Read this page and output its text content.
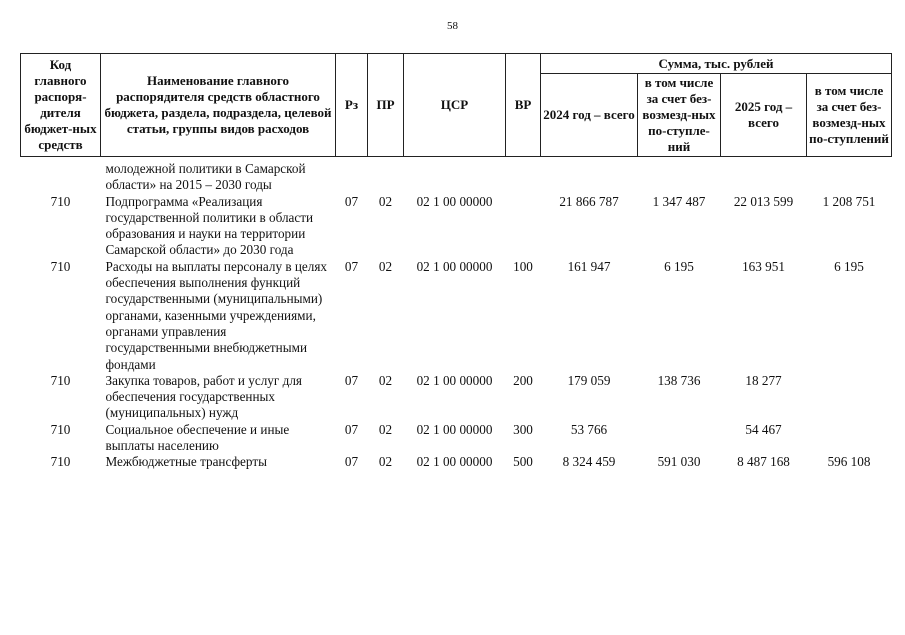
58
Код главного распоря-дителя бюджет-ных средств	Наименование главного распорядителя средств областного бюджета, раздела, подраздела, целевой статьи, группы видов расходов	Рз	ПР	ЦСР	ВР	Сумма, тыс. рублей			
						2024 год – всего	в том числе за счет без-возмезд-ных по-ступле-ний	2025 год – всего	в том числе за счет без-возмезд-ных по-ступлений

	молодежной политики в Самарской области» на 2015 – 2030 годы								
710	Подпрограмма «Реализация государственной политики в области образования и науки на территории Самарской области» до 2030 года	07	02	02 1 00 00000		21 866 787	1 347 487	22 013 599	1 208 751
710	Расходы на выплаты персоналу в целях обеспечения выполнения функций государственными (муниципальными) органами, казенными учреждениями, органами управления государственными внебюджетными фондами	07	02	02 1 00 00000	100	161 947	6 195	163 951	6 195
710	Закупка товаров, работ и услуг для обеспечения государственных (муниципальных) нужд	07	02	02 1 00 00000	200	179 059	138 736	18 277	
710	Социальное обеспечение и иные выплаты населению	07	02	02 1 00 00000	300	53 766		54 467	
710	Межбюджетные трансферты	07	02	02 1 00 00000	500	8 324 459	591 030	8 487 168	596 108
